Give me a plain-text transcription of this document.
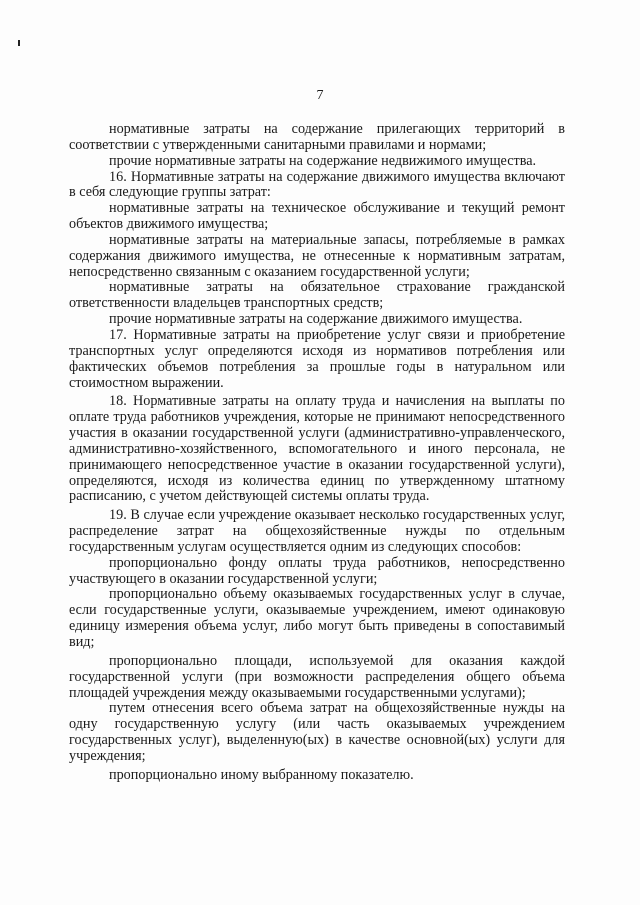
7

нормативные затраты на содержание прилегающих территорий в соответствии с утвержденными санитарными правилами и нормами;

прочие нормативные затраты на содержание недвижимого имущества.

16. Нормативные затраты на содержание движимого имущества включают в себя следующие группы затрат:

нормативные затраты на техническое обслуживание и текущий ремонт объектов движимого имущества;

нормативные затраты на материальные запасы, потребляемые в рамках содержания движимого имущества, не отнесенные к нормативным затратам, непосредственно связанным с оказанием государственной услуги;

нормативные затраты на обязательное страхование гражданской ответственности владельцев транспортных средств;

прочие нормативные затраты на содержание движимого имущества.

17. Нормативные затраты на приобретение услуг связи и приобретение транспортных услуг определяются исходя из нормативов потребления или фактических объемов потребления за прошлые годы в натуральном или стоимостном выражении.

18. Нормативные затраты на оплату труда и начисления на выплаты по оплате труда работников учреждения, которые не принимают непосредственного участия в оказании государственной услуги (административно-управленческого, административно-хозяйственного, вспомогательного и иного персонала, не принимающего непосредственное участие в оказании государственной услуги), определяются, исходя из количества единиц по утвержденному штатному расписанию, с учетом действующей системы оплаты труда.

19. В случае если учреждение оказывает несколько государственных услуг, распределение затрат на общехозяйственные нужды по отдельным государственным услугам осуществляется одним из следующих способов:

пропорционально фонду оплаты труда работников, непосредственно участвующего в оказании государственной услуги;

пропорционально объему оказываемых государственных услуг в случае, если государственные услуги, оказываемые учреждением, имеют одинаковую единицу измерения объема услуг, либо могут быть приведены в сопоставимый вид;

пропорционально площади, используемой для оказания каждой государственной услуги (при возможности распределения общего объема площадей учреждения между оказываемыми государственными услугами);

путем отнесения всего объема затрат на общехозяйственные нужды на одну государственную услугу (или часть оказываемых учреждением государственных услуг), выделенную(ых) в качестве основной(ых) услуги для учреждения;

пропорционально иному выбранному показателю.
